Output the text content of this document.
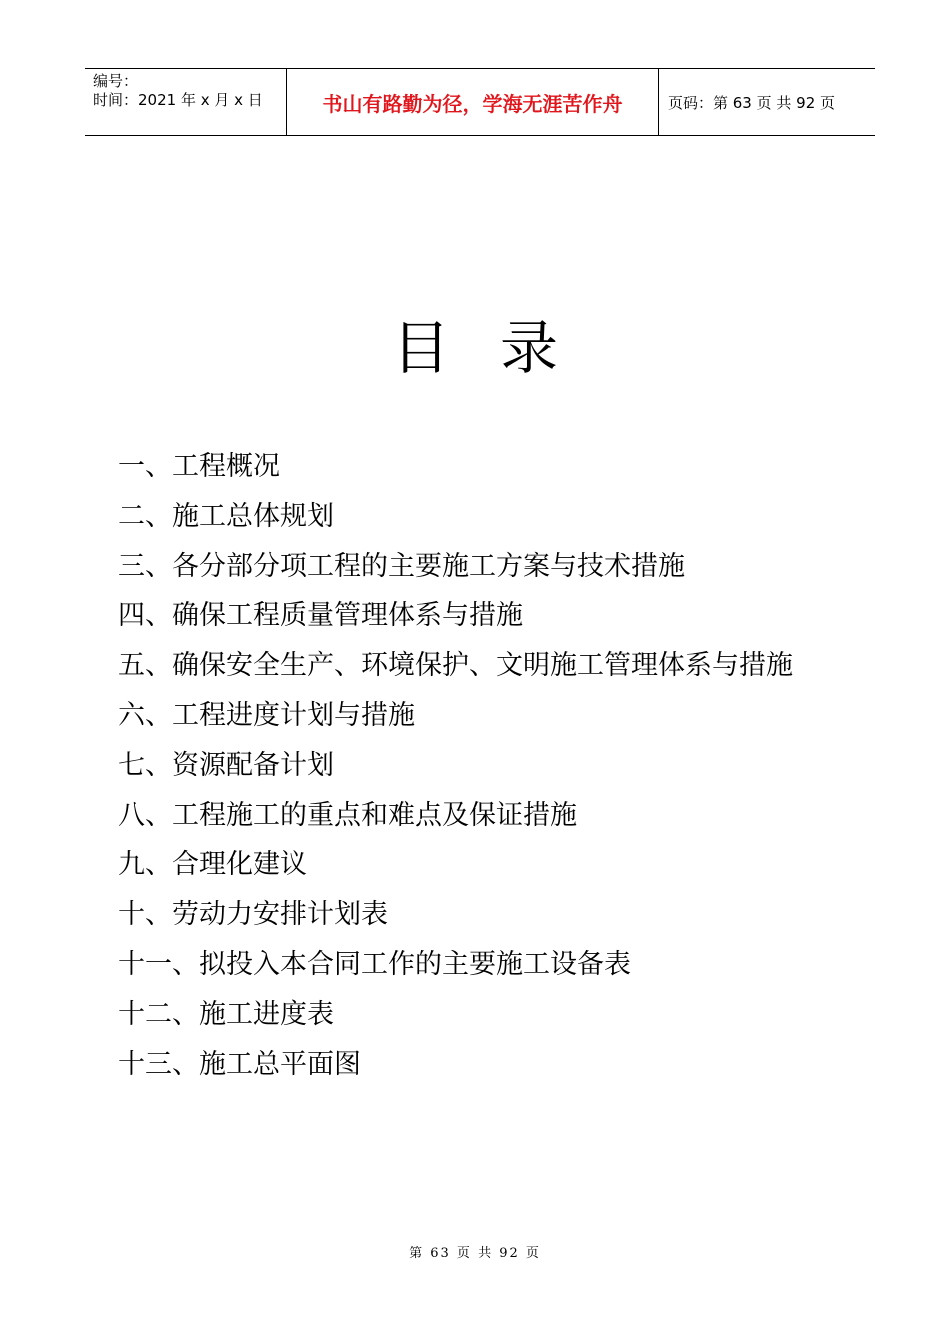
编号：
时间：2021 年 x 月 x 日	书山有路勤为径，学海无涯苦作舟	页码：第 63 页 共 92 页
目录
一、工程概况
二、施工总体规划
三、各分部分项工程的主要施工方案与技术措施
四、确保工程质量管理体系与措施
五、确保安全生产、环境保护、文明施工管理体系与措施
六、工程进度计划与措施
七、资源配备计划
八、工程施工的重点和难点及保证措施
九、合理化建议
十、劳动力安排计划表
十一、拟投入本合同工作的主要施工设备表
十二、施工进度表
十三、施工总平面图
第 63 页 共 92 页
